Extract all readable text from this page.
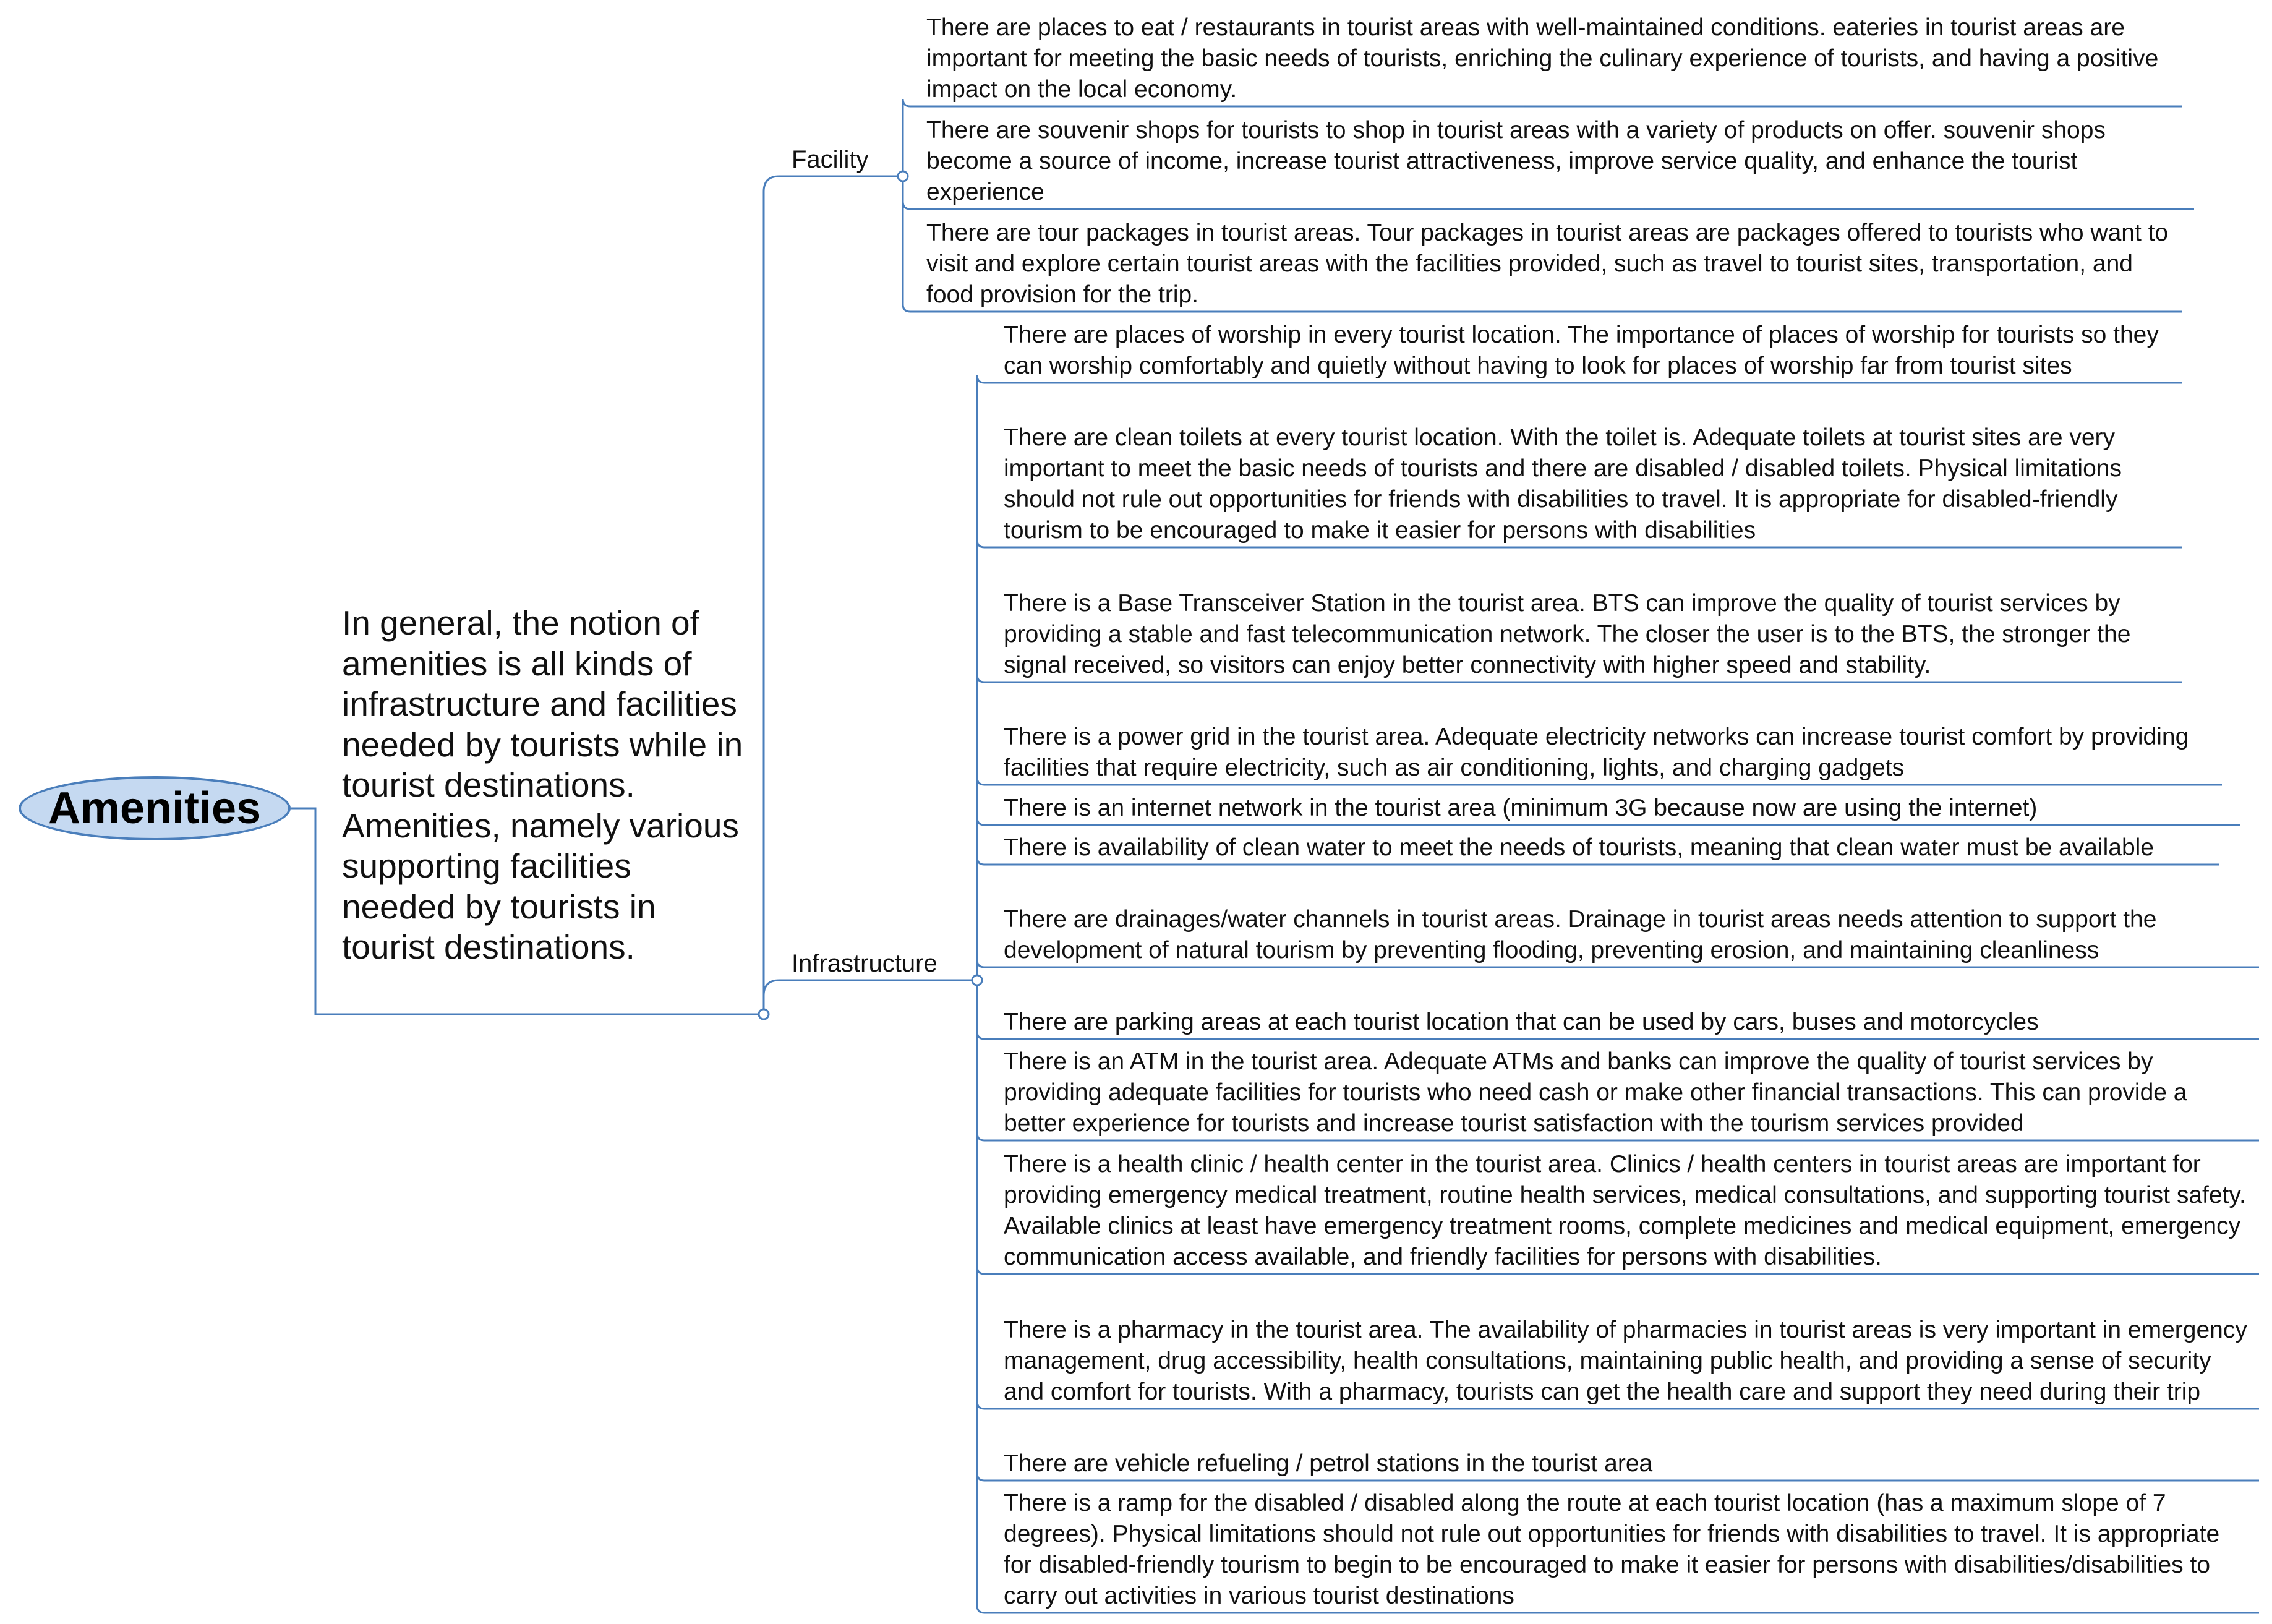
Amenities
In general, the notion of amenities is all kinds of infrastructure and facilities needed by tourists while in tourist destinations. Amenities, namely various supporting facilities needed by tourists in tourist destinations.
Facility
Infrastructure
There are places to eat / restaurants in tourist areas with well-maintained conditions. eateries in tourist areas are important for meeting the basic needs of tourists, enriching the culinary experience of tourists, and having a positive impact on the local economy.
There are souvenir shops for tourists to shop in tourist areas with a variety of products on offer. souvenir shops become a source of income, increase tourist attractiveness, improve service quality, and enhance the tourist experience
There are tour packages in tourist areas. Tour packages in tourist areas are packages offered to tourists who want to visit and explore certain tourist areas with the facilities provided, such as travel to tourist sites, transportation, and food provision for the trip.
There are places of worship in every tourist location. The importance of places of worship for tourists so they can worship comfortably and quietly without having to look for places of worship far from tourist sites
There are clean toilets at every tourist location. With the toilet is. Adequate toilets at tourist sites are very important to meet the basic needs of tourists and there are disabled / disabled toilets. Physical limitations should not rule out opportunities for friends with disabilities to travel. It is appropriate for disabled-friendly tourism to be encouraged to make it easier for persons with disabilities
There is a Base Transceiver Station in the tourist area. BTS can improve the quality of tourist services by providing a stable and fast telecommunication network. The closer the user is to the BTS, the stronger the signal received, so visitors can enjoy better connectivity with higher speed and stability.
There is a power grid in the tourist area. Adequate electricity networks can increase tourist comfort by providing facilities that require electricity, such as air conditioning, lights, and charging gadgets
There is an internet network in the tourist area (minimum 3G because now are using the internet)
There is availability of clean water to meet the needs of tourists, meaning that clean water must be available
There are drainages/water channels in tourist areas. Drainage in tourist areas needs attention to support the development of natural tourism by preventing flooding, preventing erosion, and maintaining cleanliness
There are parking areas at each tourist location that can be used by cars, buses and motorcycles
There is an ATM in the tourist area. Adequate ATMs and banks can improve the quality of tourist services by providing adequate facilities for tourists who need cash or make other financial transactions. This can provide a better experience for tourists and increase tourist satisfaction with the tourism services provided
There is a health clinic / health center in the tourist area. Clinics / health centers in tourist areas are important for providing emergency medical treatment, routine health services, medical consultations, and supporting tourist safety. Available clinics at least have emergency treatment rooms, complete medicines and medical equipment, emergency communication access available, and friendly facilities for persons with disabilities.
There is a pharmacy in the tourist area. The availability of pharmacies in tourist areas is very important in emergency management, drug accessibility, health consultations, maintaining public health, and providing a sense of security and comfort for tourists. With a pharmacy, tourists can get the health care and support they need during their trip
There are vehicle refueling / petrol stations in the tourist area
There is a ramp for the disabled / disabled along the route at each tourist location (has a maximum slope of 7 degrees). Physical limitations should not rule out opportunities for friends with disabilities to travel. It is appropriate for disabled-friendly tourism to begin to be encouraged to make it easier for persons with disabilities/disabilities to carry out activities in various tourist destinations
